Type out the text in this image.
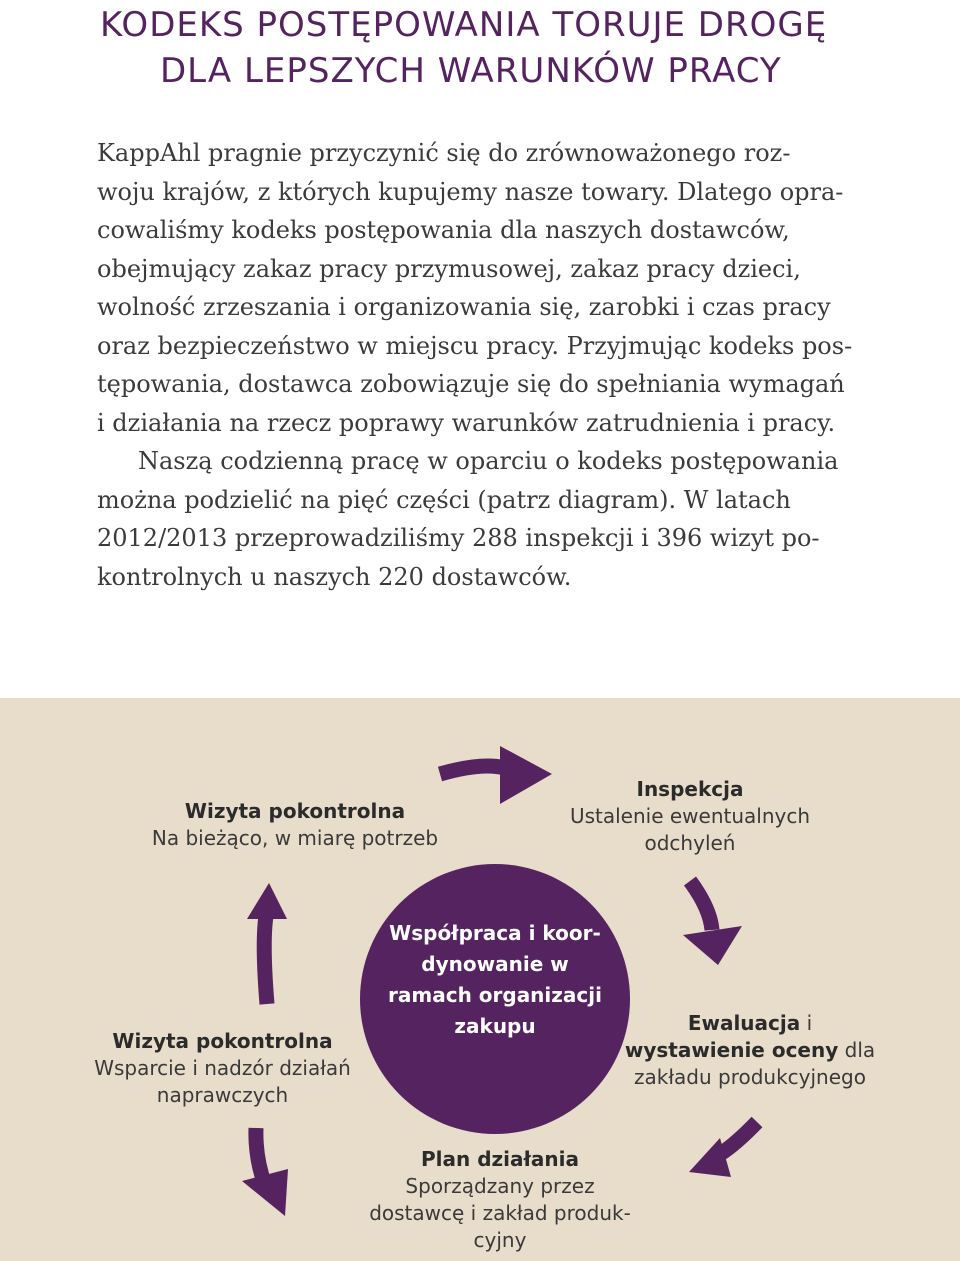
KODEKS POSTĘPOWANIA TORUJE DROGĘ
DLA LEPSZYCH WARUNKÓW PRACY
KappAhl pragnie przyczynić się do zrównoważonego roz-
woju krajów, z których kupujemy nasze towary. Dlatego opra-
cowaliśmy kodeks postępowania dla naszych dostawców,
obejmujący zakaz pracy przymusowej, zakaz pracy dzieci,
wolność zrzeszania i organizowania się, zarobki i czas pracy
oraz bezpieczeństwo w miejscu pracy. Przyjmując kodeks pos-
tępowania, dostawca zobowiązuje się do spełniania wymagań
i działania na rzecz poprawy warunków zatrudnienia i pracy.
Naszą codzienną pracę w oparciu o kodeks postępowania
można podzielić na pięć części (patrz diagram). W latach
2012/2013 przeprowadziliśmy 288 inspekcji i 396 wizyt po-
kontrolnych u naszych 220 dostawców.
Wizyta pokontrolna
Na bieżąco, w miarę potrzeb
Inspekcja
Ustalenie ewentualnych
odchyleń
Ewaluacja i
wystawienie oceny dla
zakładu produkcyjnego
Plan działania
Sporządzany przez
dostawcę i zakład produk-
cyjny
Wizyta pokontrolna
Wsparcie i nadzór działań
naprawczych
Współpraca i koor-
dynowanie w
ramach organizacji
zakupu
